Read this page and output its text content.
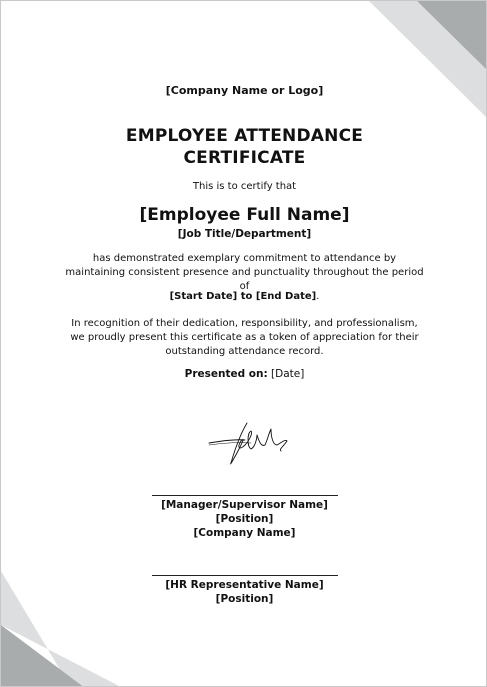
[Company Name or Logo]
EMPLOYEE ATTENDANCE
CERTIFICATE
This is to certify that
[Employee Full Name]
[Job Title/Department]
has demonstrated exemplary commitment to attendance by maintaining consistent presence and punctuality throughout the period of
[Start Date] to [End Date].
In recognition of their dedication, responsibility, and professionalism, we proudly present this certificate as a token of appreciation for their outstanding attendance record.
Presented on: [Date]
[Manager/Supervisor Name]
[Position]
[Company Name]
[HR Representative Name]
[Position]
